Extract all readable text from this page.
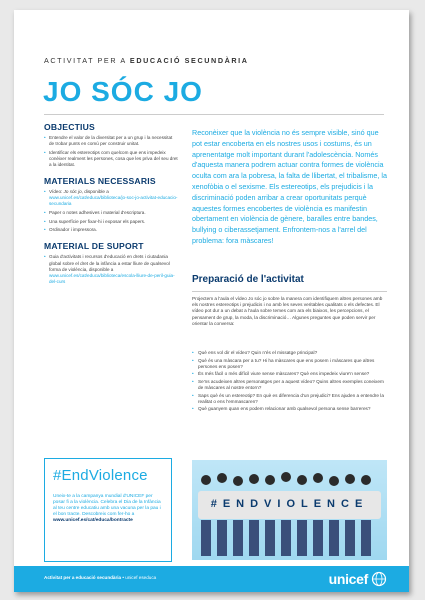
ACTIVITAT PER A EDUCACIÓ SECUNDÀRIA
JO SÓC JO
OBJECTIUS
• Entendre el valor de la diversitat per a un grup i la necessitat de trobar punts en comú per construir unitat.
• Identificar els estereotips com quelcom que ens impedeix conèixer realment les persones, cosa que les priva del seu dret a la identitat.
MATERIALS NECESSARIS
• Vídeo: Jo sóc jo, disponible a www.unicef.es/cat/educa/biblioteca/jo-soc-jo-activitat-educacio-secundaria
• Paper o notes adhesives i material d'escriptura.
• Una superfície per fixar-hi i exposar els papers.
• Ordinador i impressora.
MATERIAL DE SUPORT
• Guia d'activitats i recursos d'educació en drets i ciutadania global sobre el dret de la infància a estar lliure de qualsevol forma de violència, disponible a www.unicef.es/cat/educa/biblioteca/escola-lliure-de-peril-guia-del-curs
Reconèixer que la violència no és sempre visible, sinó que pot estar encoberta en els nostres usos i costums, és un aprenentatge molt important durant l'adolescència. Només d'aquesta manera podrem actuar contra formes de violència oculta com ara la pobresa, la falta de llibertat, el tribalisme, la xenofòbia o el sexisme. Els estereotips, els prejudicis i la discriminació poden arribar a crear oportunitats perquè aquestes formes encobertes de violència es manifestin obertament en violència de gènere, baralles entre bandes, bullying o ciberassetjament. Enfrontem-nos a l'arrel del problema: fora màscares!
Preparació de l'activitat
Projectem a l'aula el vídeo Jo sóc jo sobre la manera com identifiquem altres persones amb els nostres estereotips i prejudicis i no amb les seves veritables qualitats o els defectes. El vídeo pot dur a un debat a l'aula sobre temes com ara els biaixos, les percepcions, el pensament de grup, la moda, la discriminació… Algunes preguntes que poden servir per orientar la conversa:
• Què ens vol dir el vídeo? Quin n'és el missatge principal?
• Què és una màscara per a tu? Hi ha màscares que ens posem i màscares que altres persones ens posen?
• És més fàcil o més difícil viure sense màscares? Què ens impedeix viure'n sense?
• Se'ns acudeixen altres personatges per a aquest vídeo? Quins altres exemples coneixem de màscares al nostre entorn?
• Saps què és un estereotip? En què es diferencia d'un prejudici? Ens ajuden a entendre la realitat o ens l'emmascaren?
• Què guanyem quan ens podem relacionar amb qualsevol persona sense barreres?
#EndViolence
Uneix-te a la campanya mundial d'UNICEF per posar fi a la violència. Celebra el Dia de la Infància al teu centre educatiu amb una vacuna per la pau i el bon tracte. Descobreix com fer-ho a www.unicef.es/cat/educa/bontracte
#ENDVIOLENCE
Activitat per a educació secundària • unicef eseduca	unicef
